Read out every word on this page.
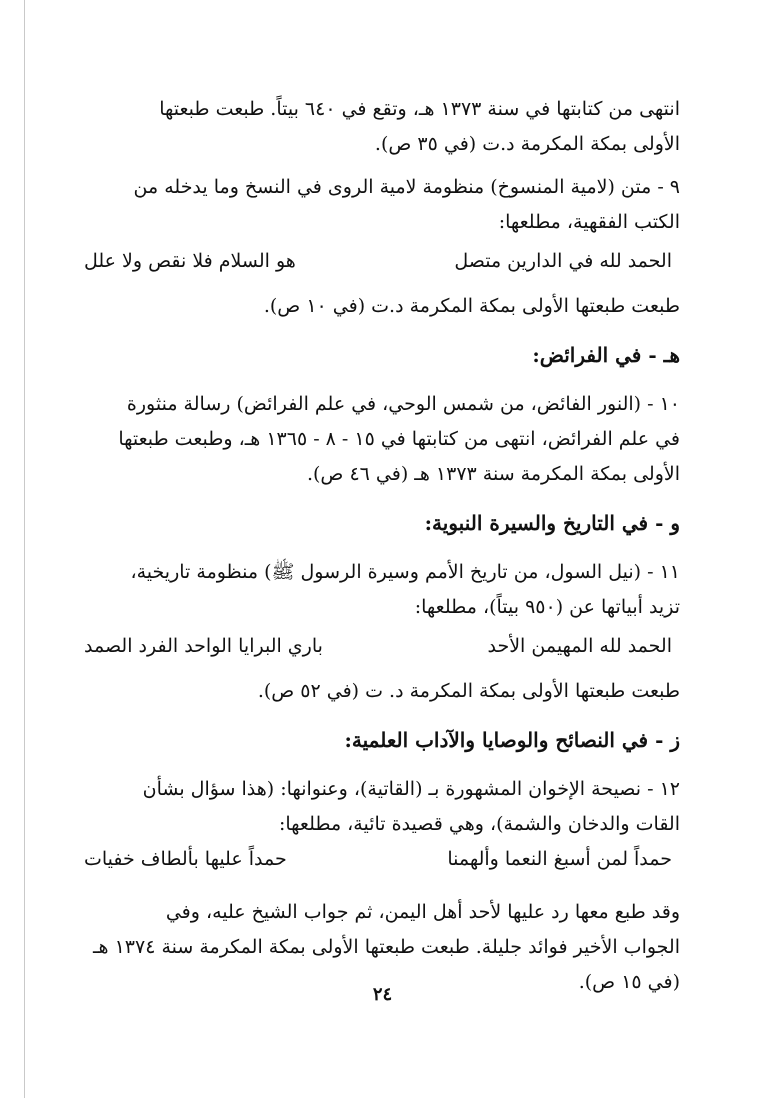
انتهى من كتابتها في سنة ١٣٧٣ هـ، وتقع في ٦٤٠ بيتاً. طبعت طبعتها
الأولى بمكة المكرمة د.ت (في ٣٥ ص).

٩ - متن (لامية المنسوخ) منظومة لامية الروى في النسخ وما يدخله من
الكتب الفقهية، مطلعها:

الحمد لله في الدارين متصل
هو السلام فلا نقص ولا علل

طبعت طبعتها الأولى بمكة المكرمة د.ت (في ١٠ ص).

هـ - في الفرائض:

١٠ - (النور الفائض، من شمس الوحي، في علم الفرائض) رسالة منثورة
في علم الفرائض، انتهى من كتابتها في ١٥ - ٨ - ١٣٦٥ هـ، وطبعت طبعتها
الأولى بمكة المكرمة سنة ١٣٧٣ هـ (في ٤٦ ص).

و - في التاريخ والسيرة النبوية:

١١ - (نيل السول، من تاريخ الأمم وسيرة الرسول ﷺ) منظومة تاريخية،
تزيد أبياتها عن (٩٥٠ بيتاً)، مطلعها:

الحمد لله المهيمن الأحد
باري البرايا الواحد الفرد الصمد

طبعت طبعتها الأولى بمكة المكرمة د. ت (في ٥٢ ص).

ز - في النصائح والوصايا والآداب العلمية:

١٢ - نصيحة الإخوان المشهورة بـ (القاتية)، وعنوانها: (هذا سؤال بشأن
القات والدخان والشمة)، وهي قصيدة تائية، مطلعها:

حمداً لمن أسبغ النعما وألهمنا
حمداً عليها بألطاف خفيات

وقد طبع معها رد عليها لأحد أهل اليمن، ثم جواب الشيخ عليه، وفي
الجواب الأخير فوائد جليلة. طبعت طبعتها الأولى بمكة المكرمة سنة ١٣٧٤ هـ
(في ١٥ ص).

٢٤
